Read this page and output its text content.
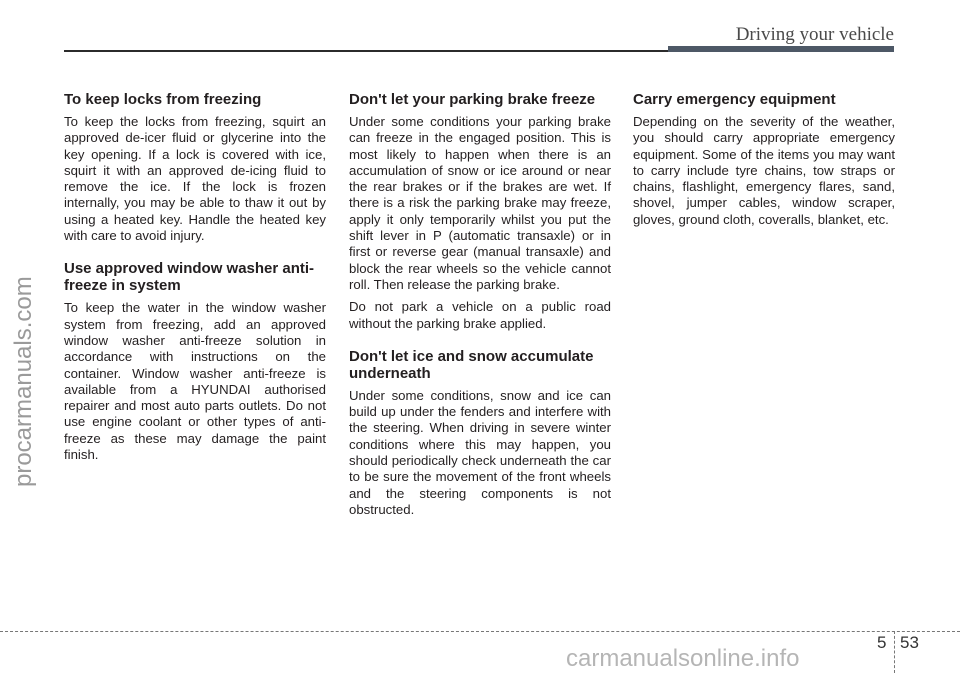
Driving your vehicle
procarmanuals.com
To keep locks from freezing

To keep the locks from freezing, squirt an approved de-icer fluid or glycerine into the key opening. If a lock is covered with ice, squirt it with an approved de-icing fluid to remove the ice. If the lock is frozen internally, you may be able to thaw it out by using a heated key. Handle the heated key with care to avoid injury.

Use approved window washer anti-freeze in system

To keep the water in the window washer system from freezing, add an approved window washer anti-freeze solution in accordance with instructions on the container. Window washer anti-freeze is available from a HYUNDAI authorised repairer and most auto parts outlets. Do not use engine coolant or other types of anti-freeze as these may damage the paint finish.

Don't let your parking brake freeze

Under some conditions your parking brake can freeze in the engaged position. This is most likely to happen when there is an accumulation of snow or ice around or near the rear brakes or if the brakes are wet. If there is a risk the parking brake may freeze, apply it only temporarily whilst you put the shift lever in P (automatic transaxle) or in first or reverse gear (manual transaxle) and block the rear wheels so the vehicle cannot roll. Then release the parking brake.

Do not park a vehicle on a public road without the parking brake applied.

Don't let ice and snow accumulate underneath

Under some conditions, snow and ice can build up under the fenders and interfere with the steering. When driving in severe winter conditions where this may happen, you should periodically check underneath the car to be sure the movement of the front wheels and the steering components is not obstructed.

Carry emergency equipment

Depending on the severity of the weather, you should carry appropriate emergency equipment. Some of the items you may want to carry include tyre chains, tow straps or chains, flashlight, emergency flares, sand, shovel, jumper cables, window scraper, gloves, ground cloth, coveralls, blanket, etc.

5 53
carmanualsonline.info
